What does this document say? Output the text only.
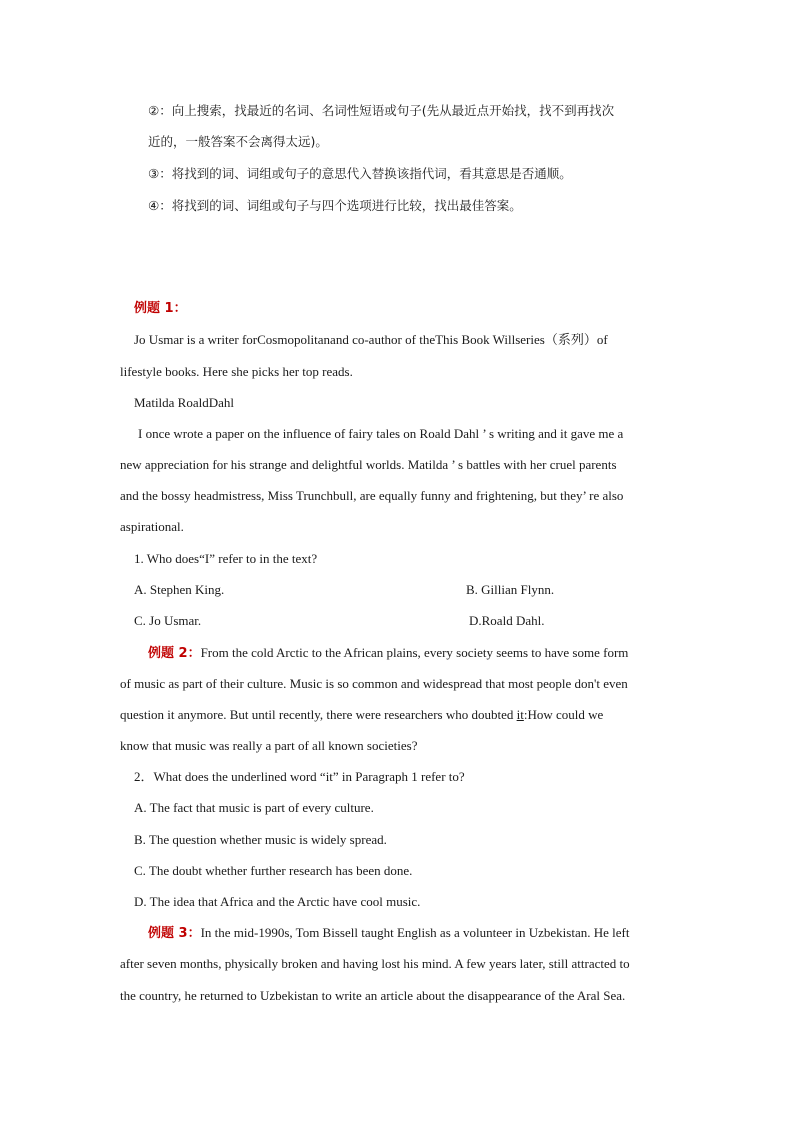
②：向上搜索，找最近的名词、名词性短语或句子(先从最近点开始找，找不到再找次
近的，一般答案不会离得太远)。
③：将找到的词、词组或句子的意思代入替换该指代词，看其意思是否通顺。
④：将找到的词、词组或句子与四个选项进行比较，找出最佳答案。
例题 1：
Jo Usmar is a writer forCosmopolitanand co-author of theThis Book Willseries（系列）of
lifestyle books. Here she picks her top reads.
Matilda RoaldDahl
I once wrote a paper on the influence of fairy tales on Roald Dahl ’ s writing and it gave me a
new appreciation for his strange and delightful worlds. Matilda ’ s battles with her cruel parents
and the bossy headmistress, Miss Trunchbull, are equally funny and frightening, but they’ re also
aspirational.
1. Who does“I” refer to in the text?
A. Stephen King.	B. Gillian Flynn.
C. Jo Usmar.	D.Roald Dahl.
例题 2：From the cold Arctic to the African plains, every society seems to have some form
of music as part of their culture. Music is so common and widespread that most people don't even
question it anymore. But until recently, there were researchers who doubted it:How could we
know that music was really a part of all known societies?
2．What does the underlined word “it” in Paragraph 1 refer to?
A. The fact that music is part of every culture.
B. The question whether music is widely spread.
C. The doubt whether further research has been done.
D. The idea that Africa and the Arctic have cool music.
例题 3：In the mid-1990s, Tom Bissell taught English as a volunteer in Uzbekistan. He left
after seven months, physically broken and having lost his mind. A few years later, still attracted to
the country, he returned to Uzbekistan to write an article about the disappearance of the Aral Sea.
